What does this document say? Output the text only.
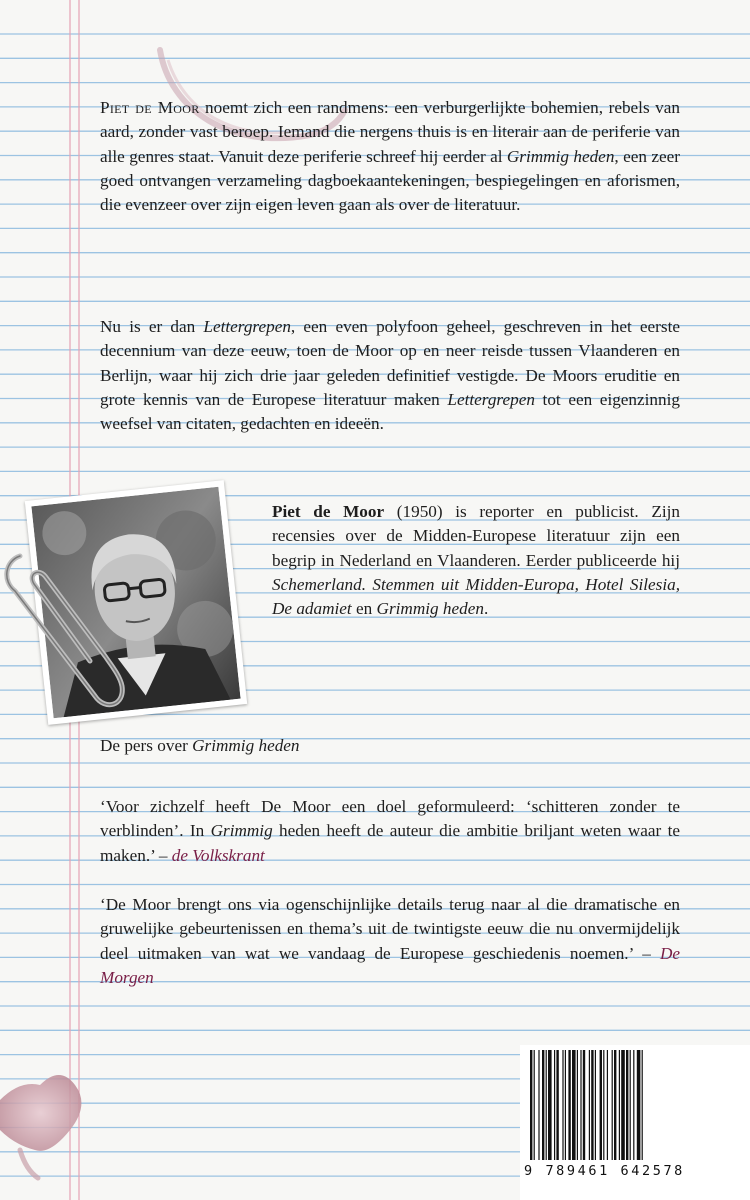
Piet de Moor noemt zich een randmens: een verburgerlijkte bohemien, rebels van aard, zonder vast beroep. Iemand die nergens thuis is en literair aan de periferie van alle genres staat. Vanuit deze periferie schreef hij eerder al Grimmig heden, een zeer goed ontvangen verzameling dagboekaantekeningen, bespiegelingen en aforismen, die evenzeer over zijn eigen leven gaan als over de literatuur.

Nu is er dan Lettergrepen, een even polyfoon geheel, geschreven in het eerste decennium van deze eeuw, toen de Moor op en neer reisde tussen Vlaanderen en Berlijn, waar hij zich drie jaar geleden definitief vestigde. De Moors eruditie en grote kennis van de Europese literatuur maken Lettergrepen tot een eigenzinnig weefsel van citaten, gedachten en ideeën.

Piet de Moor (1950) is reporter en publicist. Zijn recensies over de Midden-Europese literatuur zijn een begrip in Nederland en Vlaanderen. Eerder publiceerde hij Schemerland. Stemmen uit Midden-Europa, Hotel Silesia, De adamiet en Grimmig heden.
De pers over Grimmig heden
‘Voor zichzelf heeft De Moor een doel geformuleerd: ‘schitteren zonder te verblinden’. In Grimmig heden heeft de auteur die ambitie briljant weten waar te maken.’ – de Volkskrant
‘De Moor brengt ons via ogenschijnlijke details terug naar al die dramatische en gruwelijke gebeurtenissen en thema’s uit de twintigste eeuw die nu onvermijdelijk deel uitmaken van wat we vandaag de Europese geschiedenis noemen.’ – De Morgen
9 789461 642578
